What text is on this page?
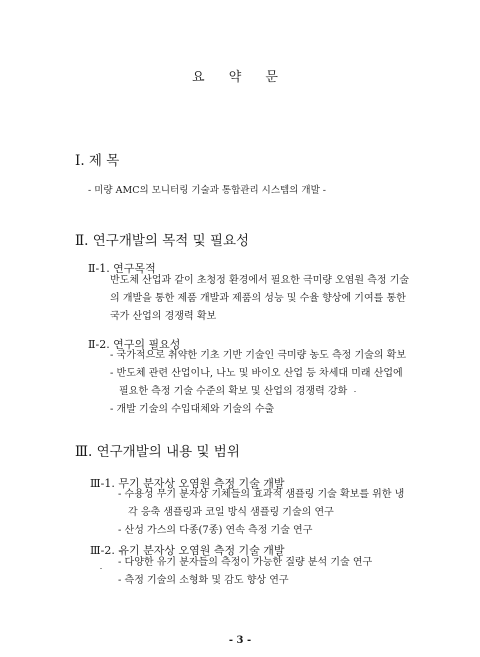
요 약 문
Ⅰ. 제 목
- 미량 AMC의 모니터링 기술과 통합관리 시스템의 개발 -
Ⅱ. 연구개발의 목적 및 필요성
Ⅱ-1. 연구목적
반도체 산업과 같이 초청정 환경에서 필요한 극미량 오염원 측정 기술
의 개발을 통한 제품 개발과 제품의 성능 및 수율 향상에 기여를 통한
국가 산업의 경쟁력 확보
Ⅱ-2. 연구의 필요성
- 국가적으로 취약한 기초 기반 기술인 극미량 농도 측정 기술의 확보
- 반도체 관련 산업이나, 나노 및 바이오 산업 등 차세대 미래 산업에
필요한 측정 기술 수준의 확보 및 산업의 경쟁력 강화
- 개발 기술의 수입대체와 기술의 수출
Ⅲ. 연구개발의 내용 및 범위
Ⅲ-1. 무기 분자상 오염원 측정 기술 개발
- 수용성 무기 분자상 기체들의 효과적 샘플링 기술 확보를 위한 냉
각 응축 샘플링과 코일 방식 샘플링 기술의 연구
- 산성 가스의 다종(7종) 연속 측정 기술 연구
Ⅲ-2. 유기 분자상 오염원 측정 기술 개발
- 다양한 유기 분자들의 측정이 가능한 질량 분석 기술 연구
- 측정 기술의 소형화 및 감도 향상 연구
- 3 -
